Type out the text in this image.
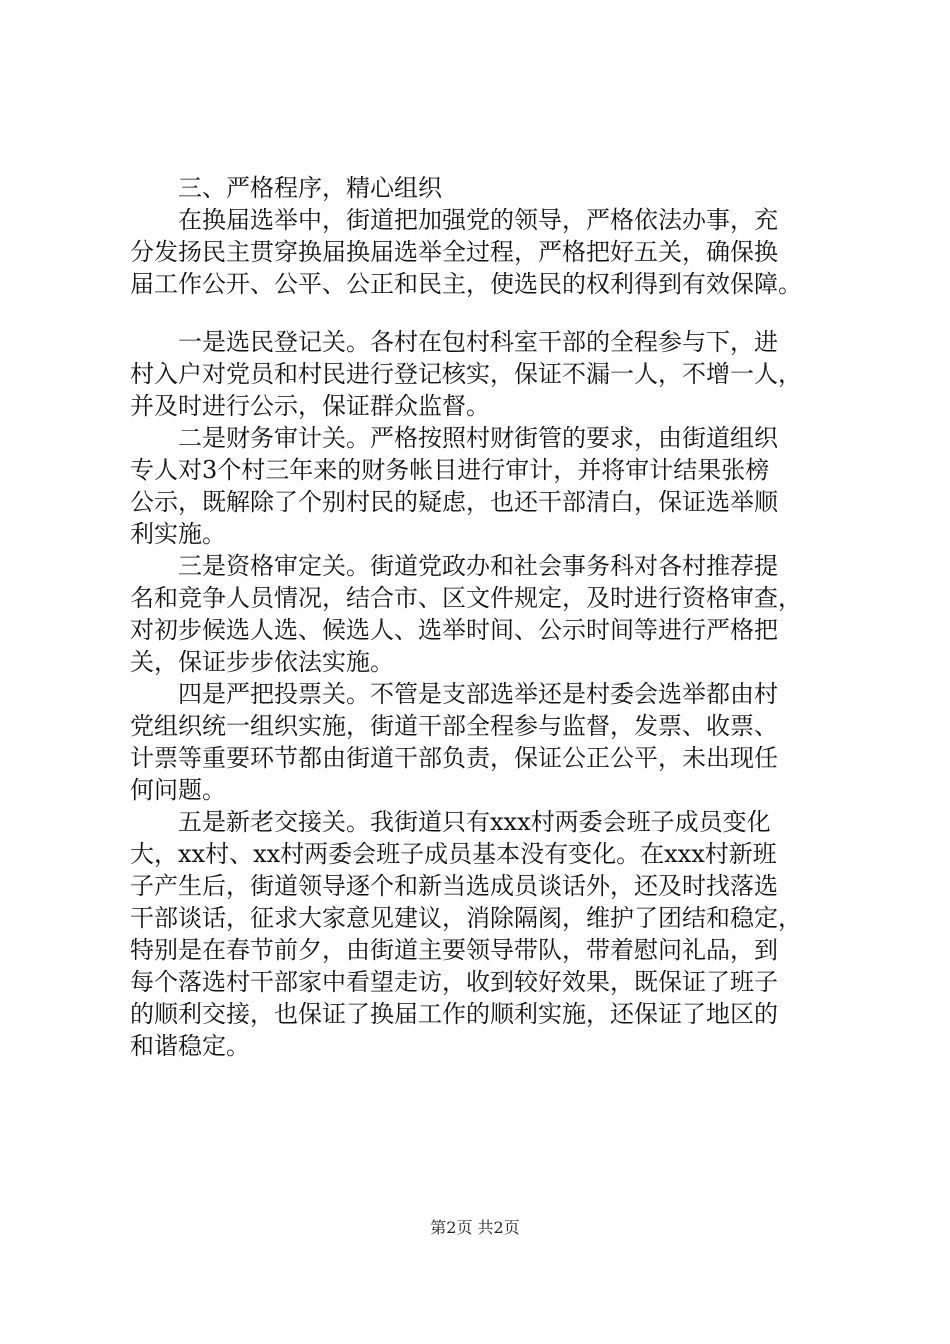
　　三、严格程序，精心组织
　　在换届选举中，街道把加强党的领导，严格依法办事，充
分发扬民主贯穿换届换届选举全过程，严格把好五关，确保换
届工作公开、公平、公正和民主，使选民的权利得到有效保障。
　　一是选民登记关。各村在包村科室干部的全程参与下，进
村入户对党员和村民进行登记核实，保证不漏一人，不增一人，
并及时进行公示，保证群众监督。
　　二是财务审计关。严格按照村财街管的要求，由街道组织
专人对3个村三年来的财务帐目进行审计，并将审计结果张榜
公示，既解除了个别村民的疑虑，也还干部清白，保证选举顺
利实施。
　　三是资格审定关。街道党政办和社会事务科对各村推荐提
名和竞争人员情况，结合市、区文件规定，及时进行资格审查，
对初步候选人选、候选人、选举时间、公示时间等进行严格把
关，保证步步依法实施。
　　四是严把投票关。不管是支部选举还是村委会选举都由村
党组织统一组织实施，街道干部全程参与监督，发票、收票、
计票等重要环节都由街道干部负责，保证公正公平，未出现任
何问题。
　　五是新老交接关。我街道只有xxx村两委会班子成员变化
大，xx村、xx村两委会班子成员基本没有变化。在xxx村新班
子产生后，街道领导逐个和新当选成员谈话外，还及时找落选
干部谈话，征求大家意见建议，消除隔阂，维护了团结和稳定，
特别是在春节前夕，由街道主要领导带队，带着慰问礼品，到
每个落选村干部家中看望走访，收到较好效果，既保证了班子
的顺利交接，也保证了换届工作的顺利实施，还保证了地区的
和谐稳定。
第2页 共2页
